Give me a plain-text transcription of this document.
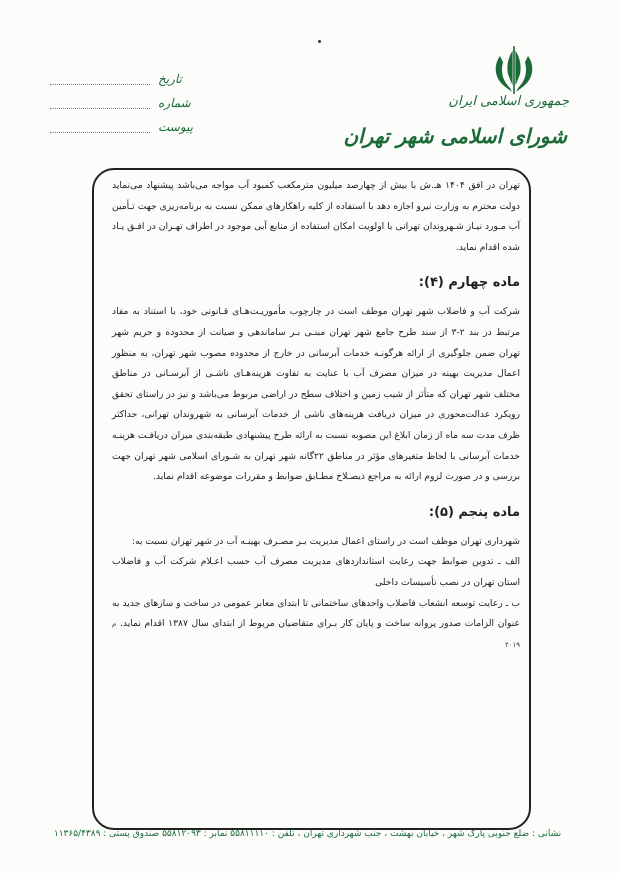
جمهوری اسلامی ایران
شورای اسلامی شهر تهران
تاریخ
شماره
پیوست

تهران در افق ۱۴۰۴ هـ.ش با بیش از چهارصد میلیون مترمکعب کمبود آب مواجه می‌باشد پیشنهاد می‌نماید دولت محترم به وزارت نیرو اجازه دهد با استفاده از کلیه راهکارهای ممکن نسبت به برنامه‌ریزی جهت تـأمین آب مـورد نیـاز شـهروندان تهرانی با اولویت امکان استفاده از منابع آبی موجود در اطراف تهـران در افـق یـاد شده اقدام نماید.

ماده چهارم (۴):

شرکت آب و فاضلاب شهر تهران موظف است در چارچوب مأموریـت‌هـای قـانونی خود، با استناد به مفاد مرتبط در بند ۲-۳ از سند طرح جامع شهر تهران مبنـی بـر ساماندهی و صیانت از محدوده و حریم شهر تهران ضمن جلوگیری از ارائه هرگونـه خدمات آبرسانی در خارج از محدوده مصوب شهر تهران، به منظور اعمال مدیریت بهینه در میزان مصرف آب با عنایت به تفاوت هزینه‌هـای ناشـی از آبرسـانی در مناطق مختلف شهر تهران که متأثر از شیب زمین و اختلاف سطح در اراضی مربوط می‌باشد و نیز در راستای تحقق رویکرد عدالت‌محوری در میزان دریافت هزینه‌های ناشی از خدمات آبرسانی به شهروندان تهرانی، حداکثر ظرف مدت سه ماه از زمان ابلاغ این مصوبه نسبت به ارائه طرح پیشنهادی طبقه‌بندی میزان دریافـت هزینـه خدمات آبرسانی با لحاظ متغیرهای مؤثر در مناطق ۲۲گانه شهر تهران به شـورای اسلامی شهر تهران جهت بررسی و در صورت لزوم ارائه به مراجع ذیصـلاح مطـابق ضوابط و مقررات موضوعه اقدام نماید.

ماده پنجم (۵):

شهرداری تهران موظف است در راستای اعمال مدیریت بـر مصـرف بهینـه آب در شهر تهران نسبت به:

الف ـ تدوین ضوابط جهت رعایت استانداردهای مدیریت مصرف آب حسب اعـلام شرکت آب و فاضلاب استان تهران در نصب تأسیسات داخلی

ب ـ رعایت توسعه انشعاب فاضلاب واحدهای ساختمانی تا ابتدای معابر عمومی در ساخت و سازهای جدید به عنوان الزامات صدور پروانه ساخت و پایان کار بـرای متقاضیان مربوط از ابتدای سال ۱۳۸۷ اقدام نماید. م ۲۰۱۹

نشانی : ضلع جنوبی پارک شهر ، خیابان بهشت ، جنب شهرداری تهران ، تلفن : ۵۵۸۱۱۱۱۰ نمابر : ۵۵۸۱۲۰۹۳ صندوق پستی : ۱۱۳۶۵/۴۳۸۹
